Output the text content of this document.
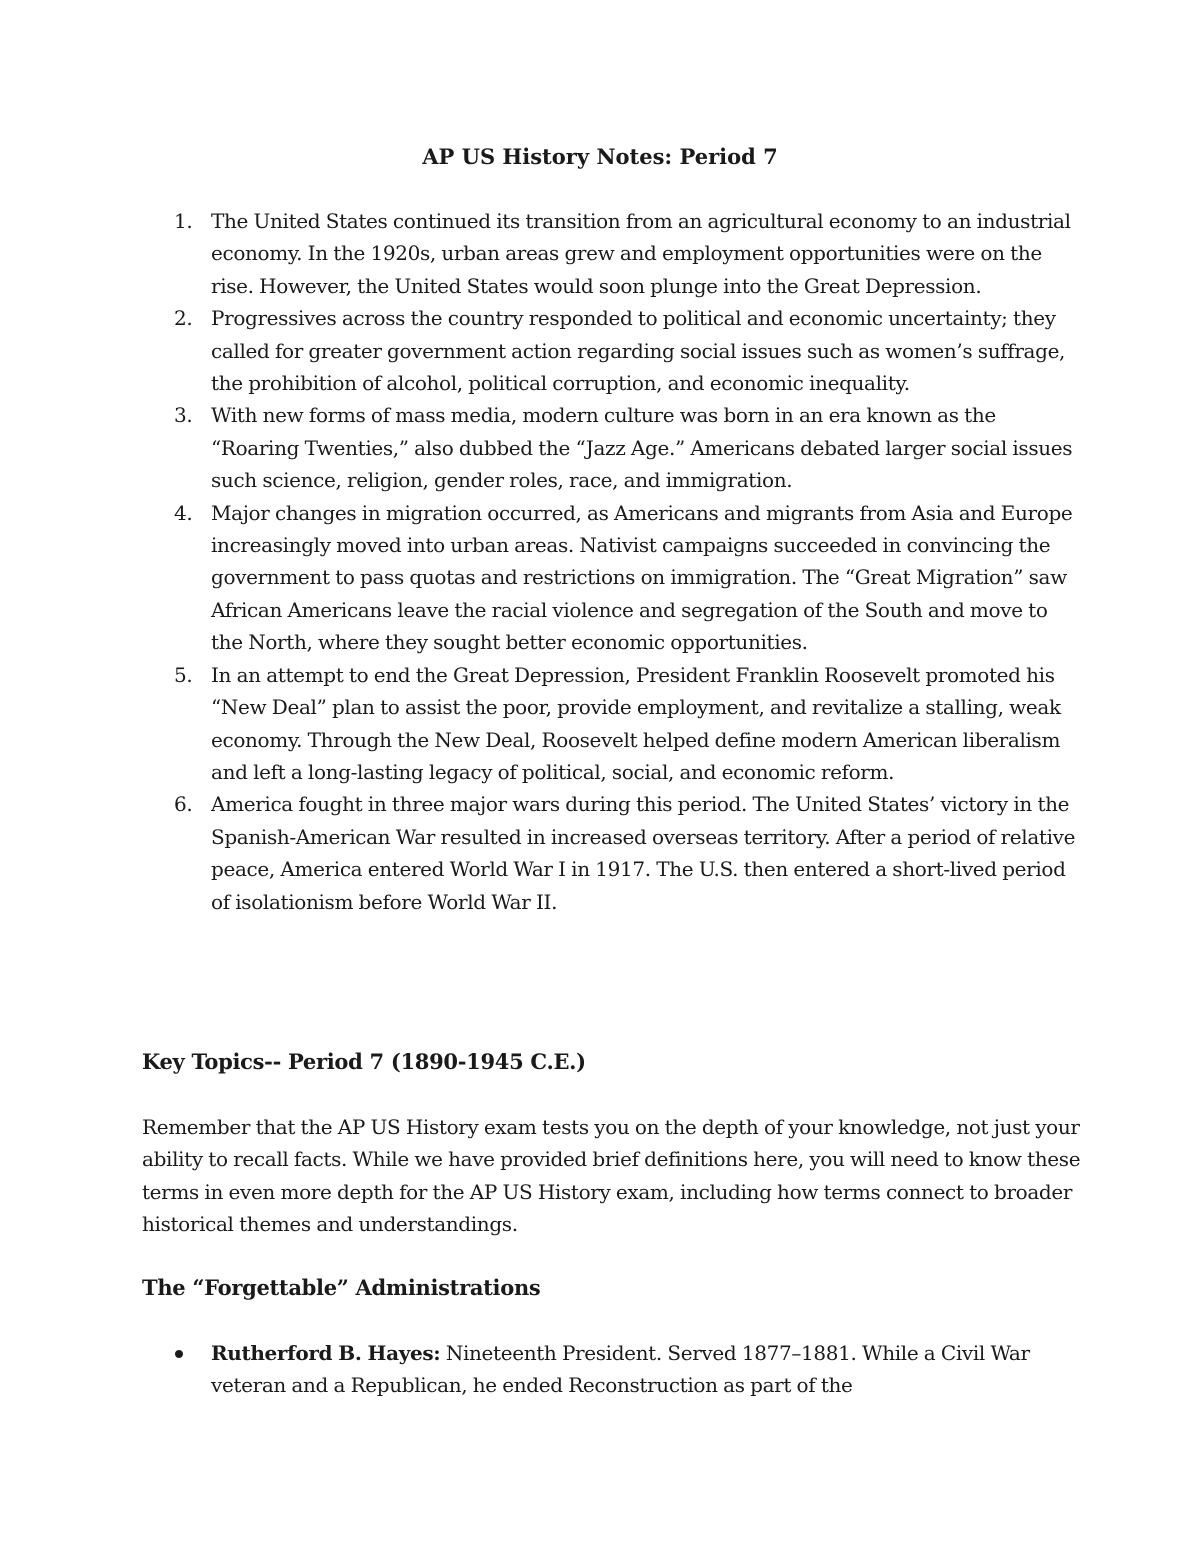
AP US History Notes: Period 7
1. The United States continued its transition from an agricultural economy to an industrial economy. In the 1920s, urban areas grew and employment opportunities were on the rise. However, the United States would soon plunge into the Great Depression.
2. Progressives across the country responded to political and economic uncertainty; they called for greater government action regarding social issues such as women’s suffrage, the prohibition of alcohol, political corruption, and economic inequality.
3. With new forms of mass media, modern culture was born in an era known as the “Roaring Twenties,” also dubbed the “Jazz Age.” Americans debated larger social issues such science, religion, gender roles, race, and immigration.
4. Major changes in migration occurred, as Americans and migrants from Asia and Europe increasingly moved into urban areas. Nativist campaigns succeeded in convincing the government to pass quotas and restrictions on immigration. The “Great Migration” saw African Americans leave the racial violence and segregation of the South and move to the North, where they sought better economic opportunities.
5. In an attempt to end the Great Depression, President Franklin Roosevelt promoted his “New Deal” plan to assist the poor, provide employment, and revitalize a stalling, weak economy. Through the New Deal, Roosevelt helped define modern American liberalism and left a long-lasting legacy of political, social, and economic reform.
6. America fought in three major wars during this period. The United States’ victory in the Spanish-American War resulted in increased overseas territory. After a period of relative peace, America entered World War I in 1917. The U.S. then entered a short-lived period of isolationism before World War II.
Key Topics-- Period 7 (1890-1945 C.E.)

Remember that the AP US History exam tests you on the depth of your knowledge, not just your ability to recall facts. While we have provided brief definitions here, you will need to know these terms in even more depth for the AP US History exam, including how terms connect to broader historical themes and understandings.

The “Forgettable” Administrations
Rutherford B. Hayes: Nineteenth President. Served 1877–1881. While a Civil War veteran and a Republican, he ended Reconstruction as part of the
